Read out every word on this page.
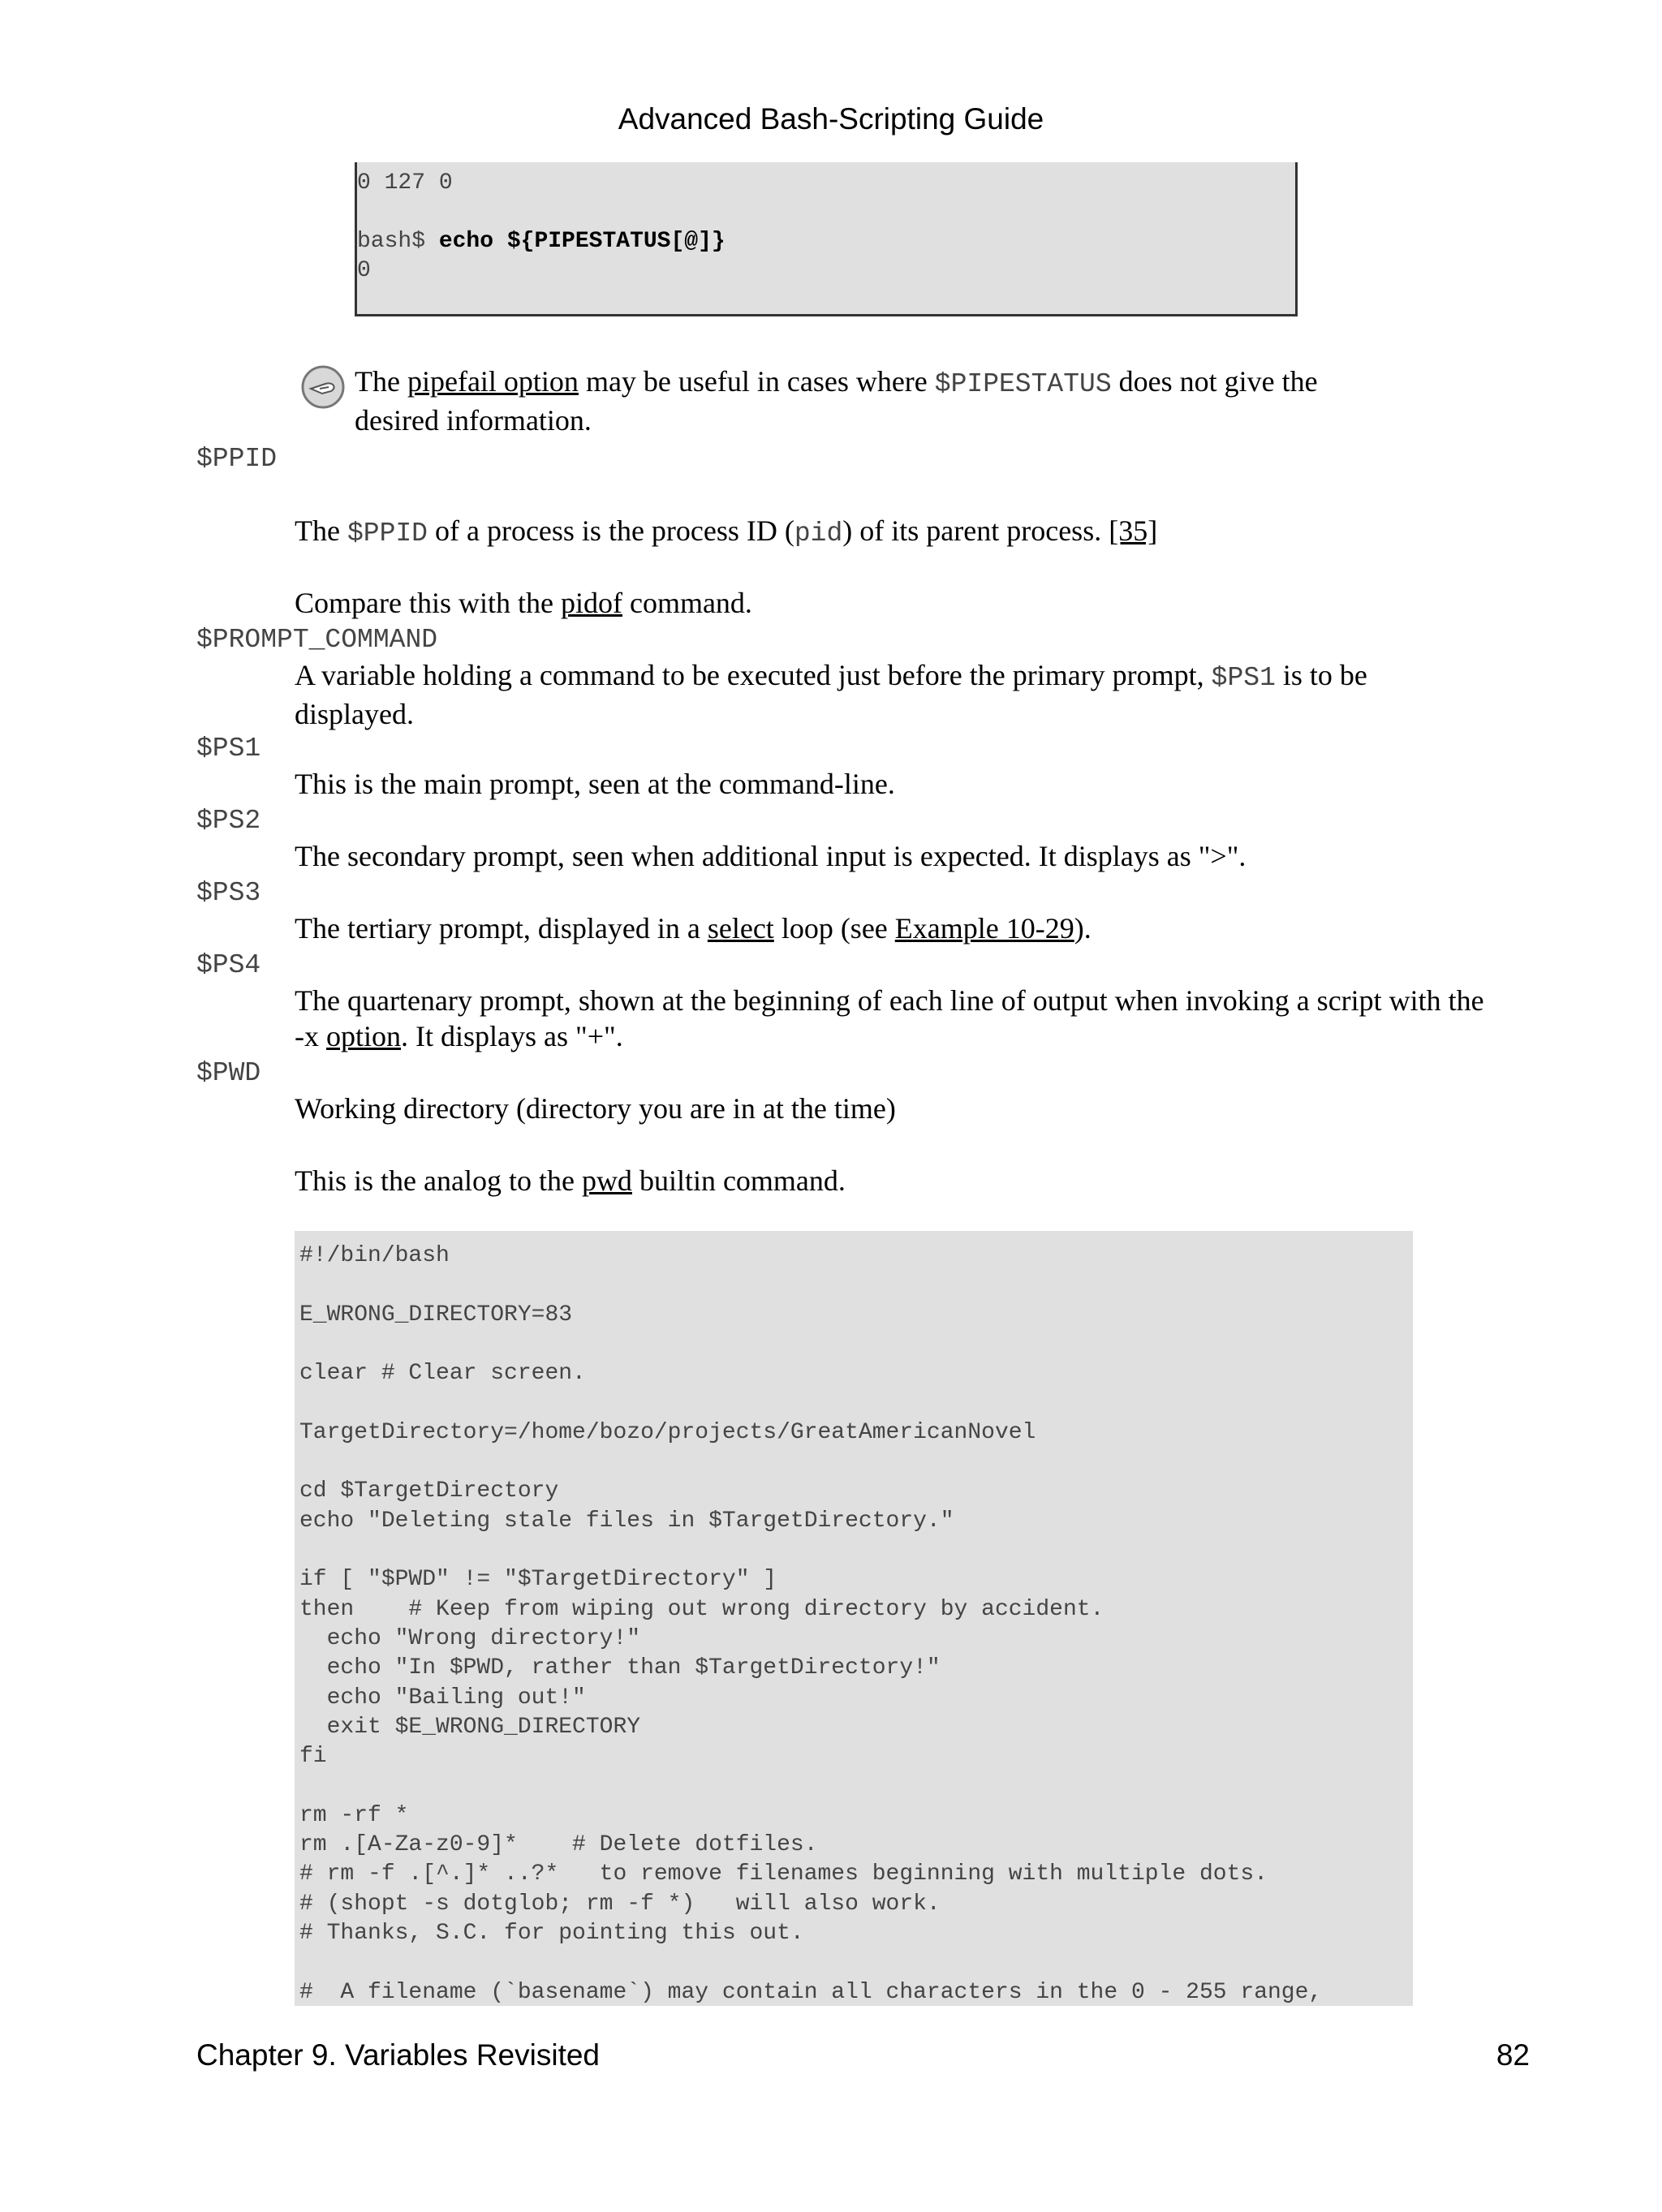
Advanced Bash-Scripting Guide
0 127 0
bash$ echo ${PIPESTATUS[@]}
0
The pipefail option may be useful in cases where $PIPESTATUS does not give the
desired information.
$PPID
The $PPID of a process is the process ID (pid) of its parent process. [35]
Compare this with the pidof command.
$PROMPT_COMMAND
A variable holding a command to be executed just before the primary prompt, $PS1 is to be
displayed.
$PS1
This is the main prompt, seen at the command-line.
$PS2
The secondary prompt, seen when additional input is expected. It displays as ">".
$PS3
The tertiary prompt, displayed in a select loop (see Example 10-29).
$PS4
The quartenary prompt, shown at the beginning of each line of output when invoking a script with the
-x option. It displays as "+".
$PWD
Working directory (directory you are in at the time)
This is the analog to the pwd builtin command.
#!/bin/bash
E_WRONG_DIRECTORY=83
clear # Clear screen.
TargetDirectory=/home/bozo/projects/GreatAmericanNovel
cd $TargetDirectory
echo "Deleting stale files in $TargetDirectory."
if [ "$PWD" != "$TargetDirectory" ]
then    # Keep from wiping out wrong directory by accident.
echo "Wrong directory!"
echo "In $PWD, rather than $TargetDirectory!"
echo "Bailing out!"
exit $E_WRONG_DIRECTORY
fi
rm -rf *
rm .[A-Za-z0-9]*    # Delete dotfiles.
# rm -f .[^.]* ..?*   to remove filenames beginning with multiple dots.
# (shopt -s dotglob; rm -f *)   will also work.
# Thanks, S.C. for pointing this out.
#  A filename (`basename`) may contain all characters in the 0 - 255 range,
Chapter 9. Variables Revisited	82
